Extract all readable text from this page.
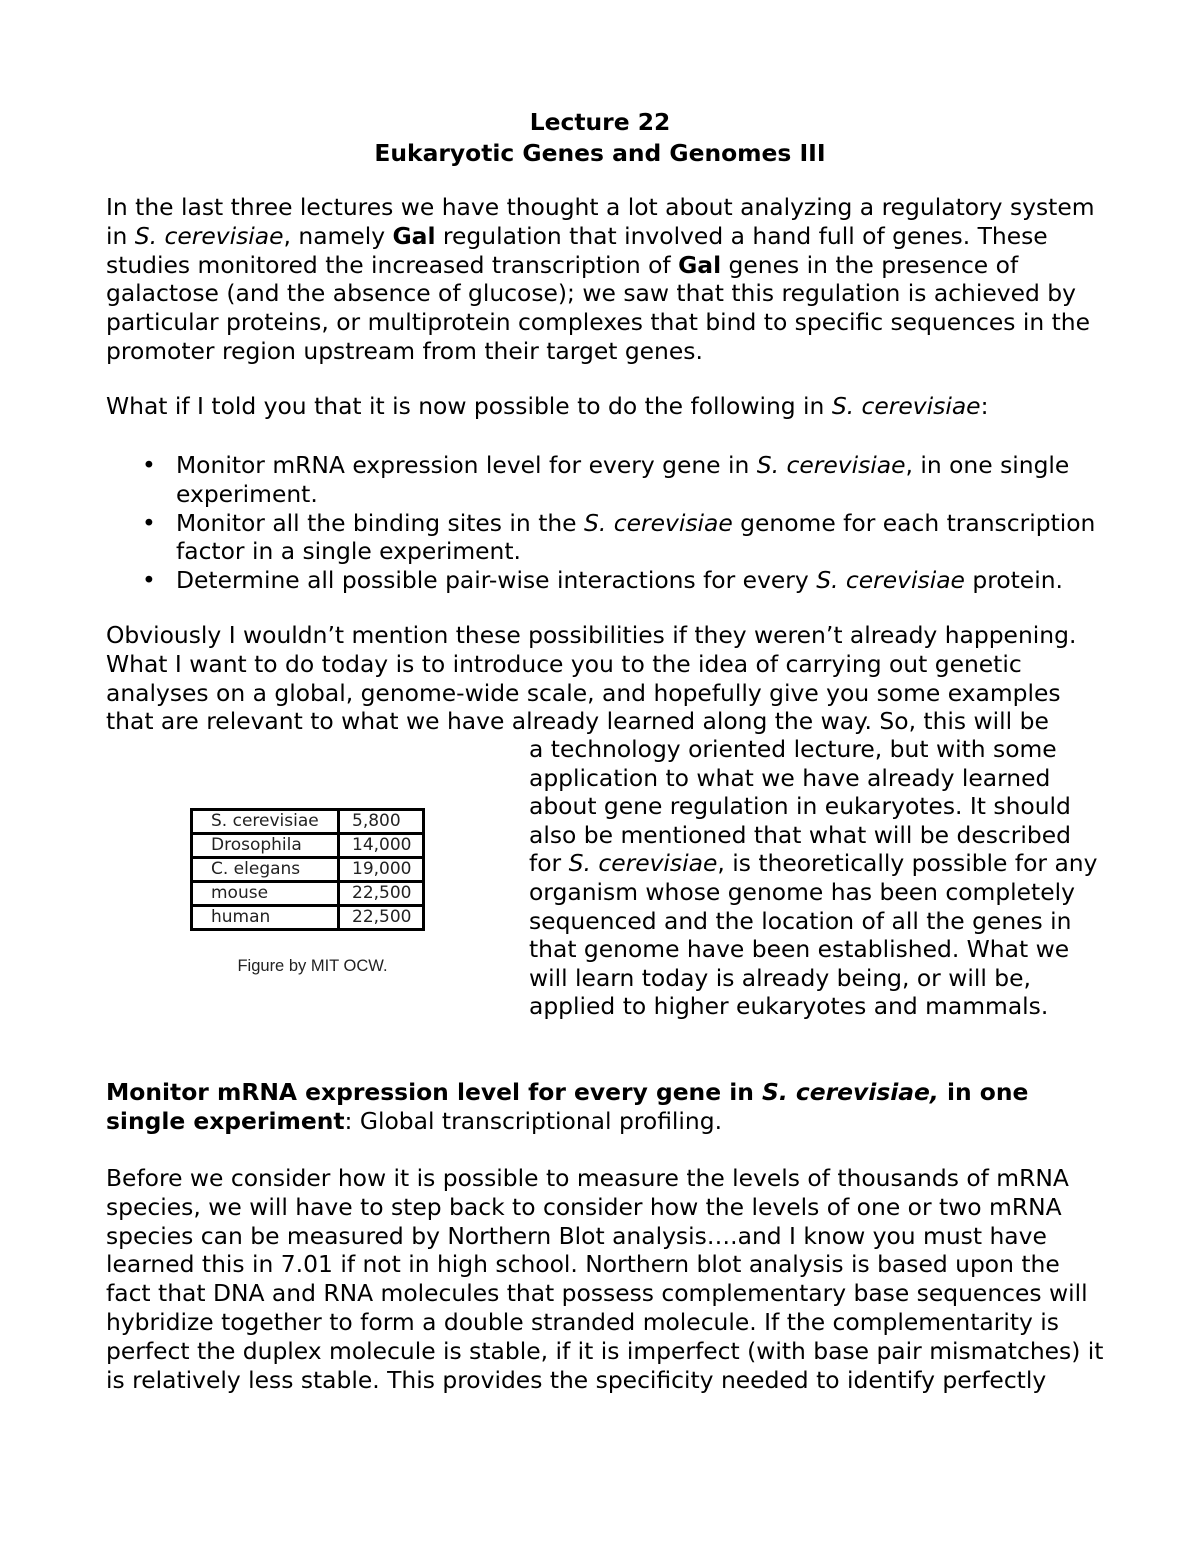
Lecture 22
Eukaryotic Genes and Genomes III

In the last three lectures we have thought a lot about analyzing a regulatory system in S. cerevisiae, namely Gal regulation that involved a hand full of genes. These studies monitored the increased transcription of Gal genes in the presence of galactose (and the absence of glucose); we saw that this regulation is achieved by particular proteins, or multiprotein complexes that bind to specific sequences in the promoter region upstream from their target genes.

What if I told you that it is now possible to do the following in S. cerevisiae:

• Monitor mRNA expression level for every gene in S. cerevisiae, in one single experiment.
• Monitor all the binding sites in the S. cerevisiae genome for each transcription factor in a single experiment.
• Determine all possible pair-wise interactions for every S. cerevisiae protein.

Obviously I wouldn’t mention these possibilities if they weren’t already happening. What I want to do today is to introduce you to the idea of carrying out genetic analyses on a global, genome-wide scale, and hopefully give you some examples that are relevant to what we have already learned along the way. So, this will be

a technology oriented lecture, but with some application to what we have already learned about gene regulation in eukaryotes. It should also be mentioned that what will be described for S. cerevisiae, is theoretically possible for any organism whose genome has been completely sequenced and the location of all the genes in that genome have been established. What we will learn today is already being, or will be, applied to higher eukaryotes and mammals.

S. cerevisiae	5,800
Drosophila	14,000
C. elegans	19,000
mouse	22,500
human	22,500
Figure by MIT OCW.

Monitor mRNA expression level for every gene in S. cerevisiae, in one single experiment: Global transcriptional profiling.

Before we consider how it is possible to measure the levels of thousands of mRNA species, we will have to step back to consider how the levels of one or two mRNA species can be measured by Northern Blot analysis….and I know you must have learned this in 7.01 if not in high school. Northern blot analysis is based upon the fact that DNA and RNA molecules that possess complementary base sequences will hybridize together to form a double stranded molecule. If the complementarity is perfect the duplex molecule is stable, if it is imperfect (with base pair mismatches) it is relatively less stable. This provides the specificity needed to identify perfectly
